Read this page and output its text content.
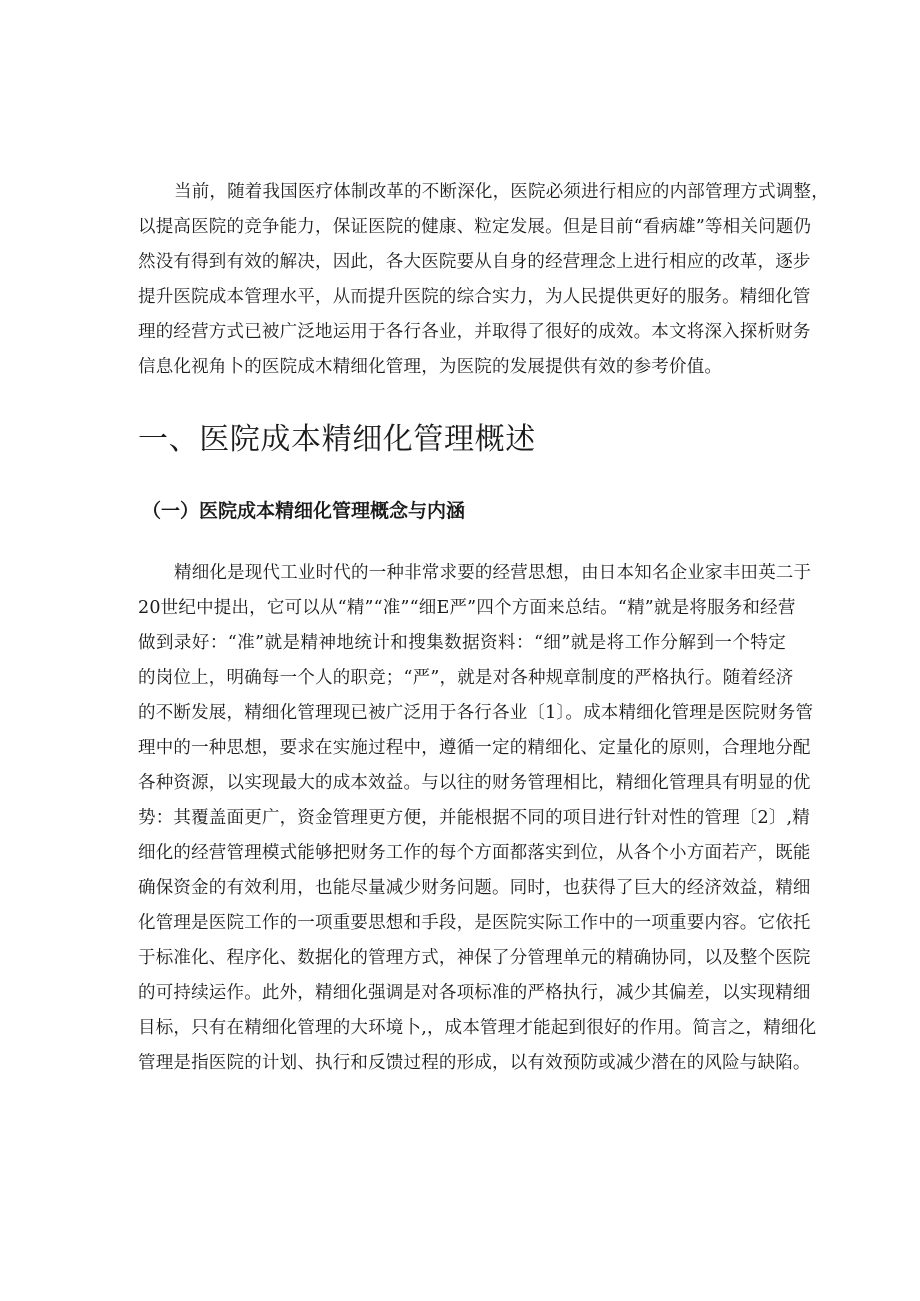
当前，随着我国医疗体制改革的不断深化，医院必须进行相应的内部管理方式调整，
以提高医院的竞争能力，保证医院的健康、粒定发展。但是目前“看病雄”等相关问题仍
然没有得到有效的解决，因此，各大医院要从自身的经营理念上进行相应的改革，逐步
提升医院成本管理水平，从而提升医院的综合实力，为人民提供更好的服务。精细化管
理的经营方式已被广泛地运用于各行各业，并取得了很好的成效。本文将深入探析财务
信息化视角卜的医院成木精细化管理，为医院的发展提供有效的参考价值。
一、医院成本精细化管理概述
（一）医院成本精细化管理概念与内涵
精细化是现代工业时代的一种非常求要的经营思想，由日本知名企业家丰田英二于
20世纪中提出，它可以从“精”“准”“细E严”四个方面来总结。“精”就是将服务和经营
做到录好：“准”就是精神地统计和搜集数据资料：“细”就是将工作分解到一个特定
的岗位上，明确每一个人的职竞；“严”，就是对各种规章制度的严格执行。随着经济
的不断发展，精细化管理现已被广泛用于各行各业〔1〕。成本精细化管理是医院财务管
理中的一种思想，要求在实施过程中，遵循一定的精细化、定量化的原则，合理地分配
各种资源，以实现最大的成本效益。与以往的财务管理相比，精细化管理具有明显的优
势：其覆盖面更广，资金管理更方便，并能根据不同的项目进行针对性的管理〔2〕,精
细化的经营管理模式能够把财务工作的每个方面都落实到位，从各个小方面若产，既能
确保资金的有效利用，也能尽量减少财务问题。同时，也获得了巨大的经济效益，精细
化管理是医院工作的一项重要思想和手段，是医院实际工作中的一项重要内容。它依托
于标准化、程序化、数据化的管理方式，神保了分管理单元的精确协同，以及整个医院
的可持续运作。此外，精细化强调是对各项标准的严格执行，减少其偏差，以实现精细
目标，只有在精细化管理的大环境卜,，成本管理才能起到很好的作用。简言之，精细化
管理是指医院的计划、执行和反馈过程的形成，以有效预防或减少潜在的风险与缺陷。
